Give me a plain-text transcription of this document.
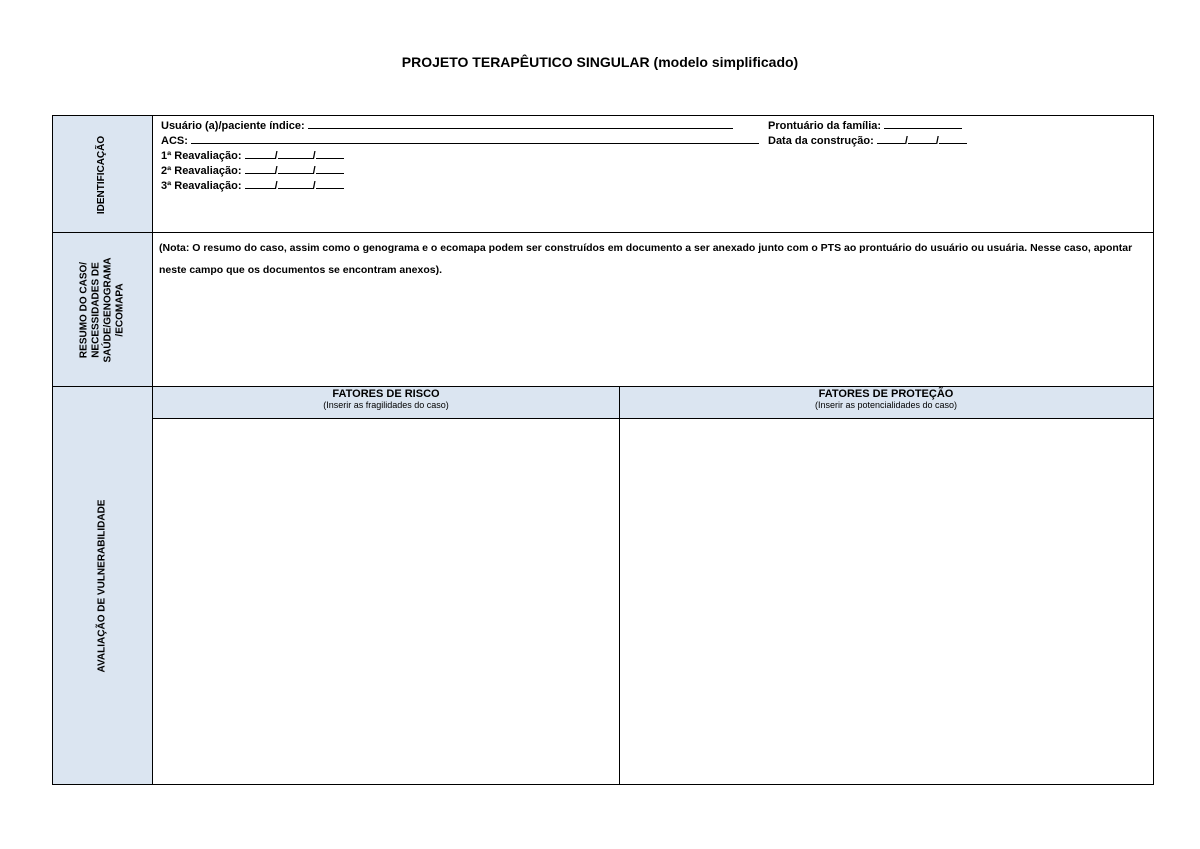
PROJETO TERAPÊUTICO SINGULAR (modelo simplificado)
IDENTIFICAÇÃO
Usuário (a)/paciente índice:
ACS:
1ª Reavaliação:	/	/
2ª Reavaliação:	/	/
3ª Reavaliação:	/	/
Prontuário da família:
Data da construção:	/	/
RESUMO DO CASO/ NECESSIDADES DE SAÚDE/GENOGRAMA /ECOMAPA
(Nota: O resumo do caso, assim como o genograma e o ecomapa podem ser construídos em documento a ser anexado junto com o PTS ao prontuário do usuário ou usuária. Nesse caso, apontar neste campo que os documentos se encontram anexos).
AVALIAÇÃO DE VULNERABILIDADE
FATORES DE RISCO
(Inserir as fragilidades do caso)
FATORES DE PROTEÇÃO
(Inserir as potencialidades do caso)
